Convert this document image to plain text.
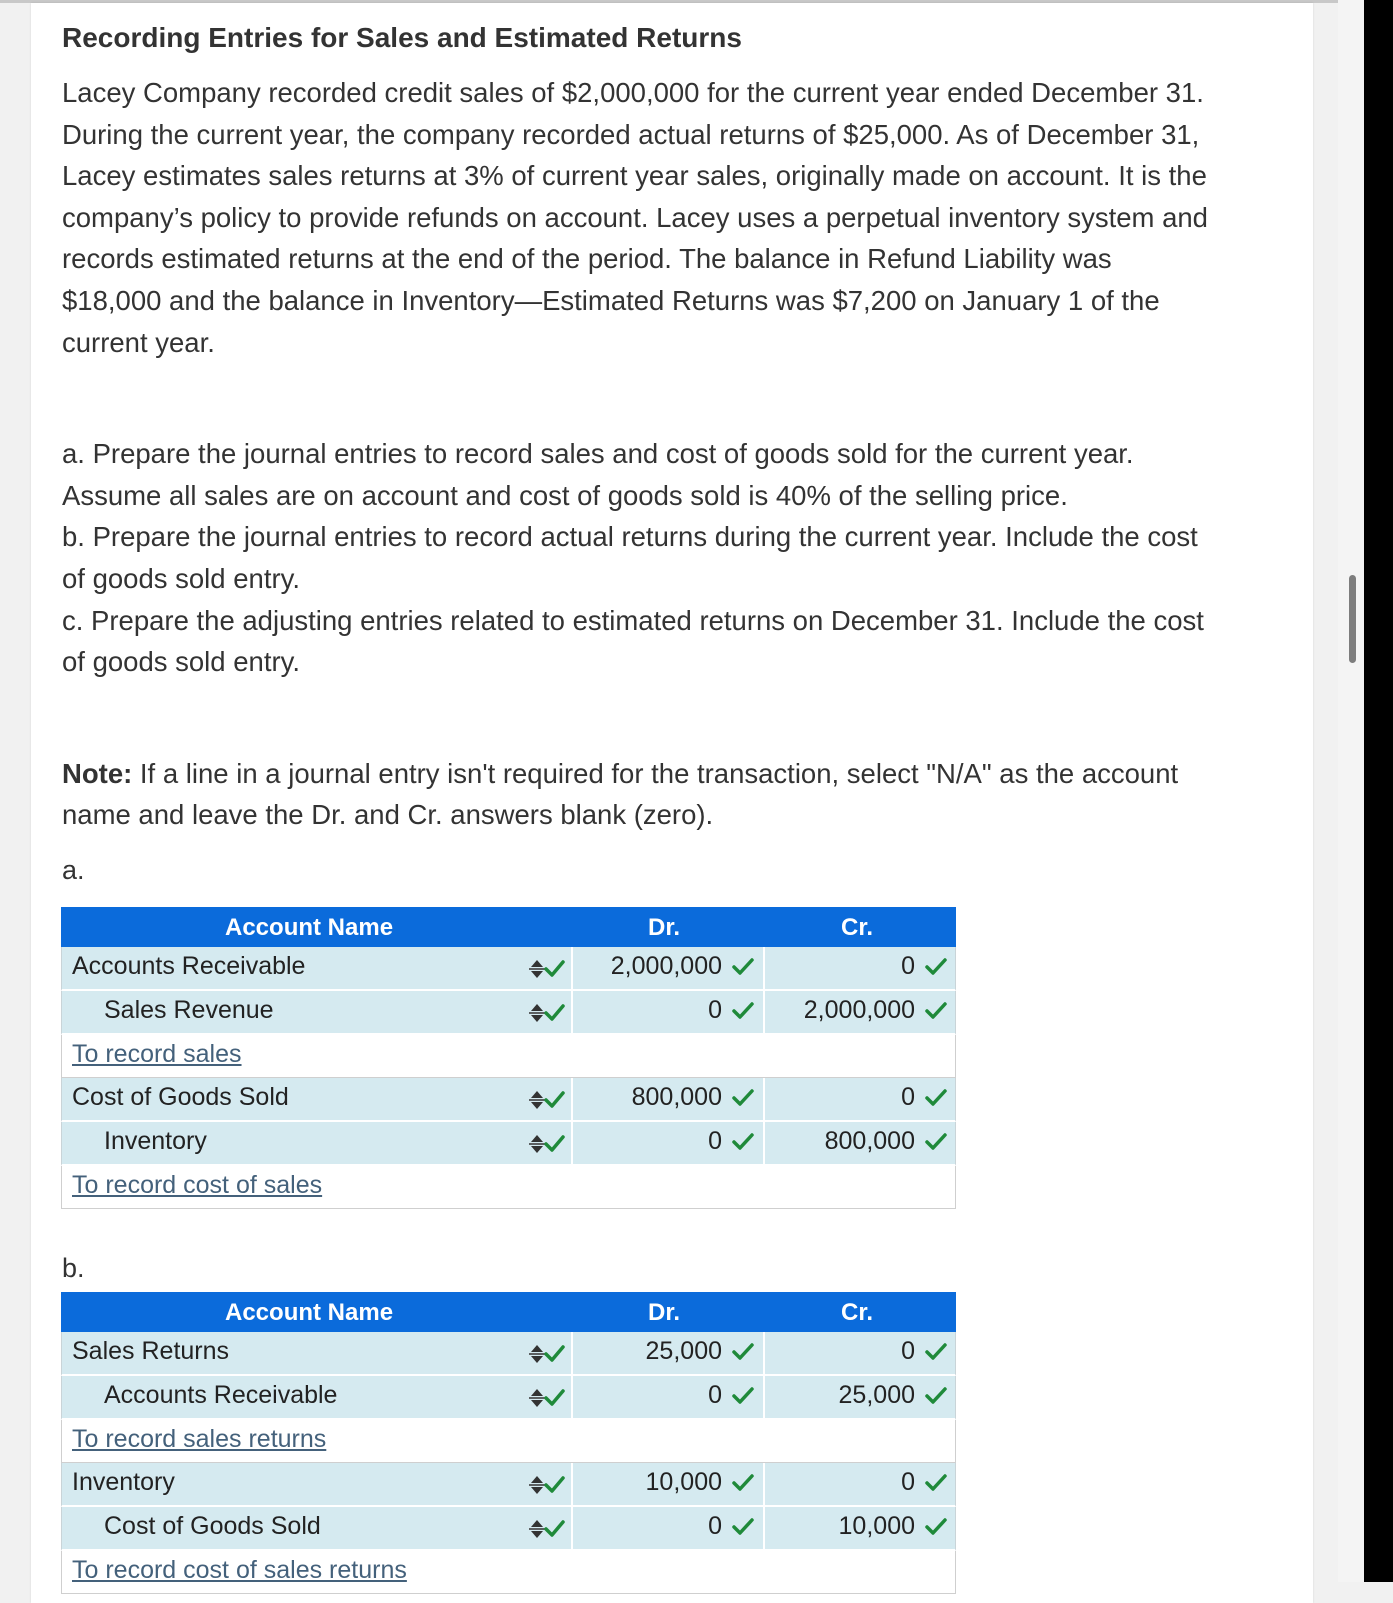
Recording Entries for Sales and Estimated Returns

Lacey Company recorded credit sales of $2,000,000 for the current year ended December 31.

During the current year, the company recorded actual returns of $25,000. As of December 31,

Lacey estimates sales returns at 3% of current year sales, originally made on account. It is the

company’s policy to provide refunds on account. Lacey uses a perpetual inventory system and

records estimated returns at the end of the period. The balance in Refund Liability was

$18,000 and the balance in Inventory—Estimated Returns was $7,200 on January 1 of the

current year.

a. Prepare the journal entries to record sales and cost of goods sold for the current year.

Assume all sales are on account and cost of goods sold is 40% of the selling price.

b. Prepare the journal entries to record actual returns during the current year. Include the cost

of goods sold entry.

c. Prepare the adjusting entries related to estimated returns on December 31. Include the cost

of goods sold entry.

Note: If a line in a journal entry isn't required for the transaction, select "N/A" as the account

name and leave the Dr. and Cr. answers blank (zero).

a.
Account Name	Dr.	Cr.
Accounts Receivable	2,000,000	0
Sales Revenue	0	2,000,000
To record sales
Cost of Goods Sold	800,000	0
Inventory	0	800,000
To record cost of sales
b.
Account Name	Dr.	Cr.
Sales Returns	25,000	0
Accounts Receivable	0	25,000
To record sales returns
Inventory	10,000	0
Cost of Goods Sold	0	10,000
To record cost of sales returns
